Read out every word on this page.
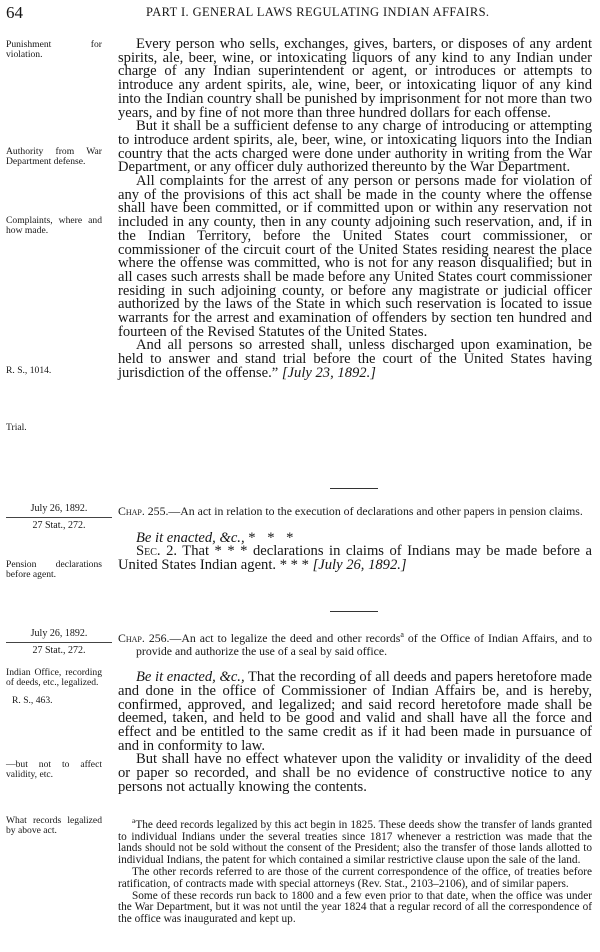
64	PART I. GENERAL LAWS REGULATING INDIAN AFFAIRS.
Punishment for violation.
Authority from War Department defense.
Complaints, where and how made.
R. S., 1014.
Trial.
July 26, 1892.
27 Stat., 272.
Pension declarations before agent.
July 26, 1892.
27 Stat., 272.
Indian Office, recording of deeds, etc., legalized.
R. S., 463.
—but not to affect validity, etc.
What records legalized by above act.

Every person who sells, exchanges, gives, barters, or disposes of any ardent spirits, ale, beer, wine, or intoxicating liquors of any kind to any Indian under charge of any Indian superintendent or agent, or introduces or attempts to introduce any ardent spirits, ale, wine, beer, or intoxicating liquor of any kind into the Indian country shall be punished by imprisonment for not more than two years, and by fine of not more than three hundred dollars for each offense.

But it shall be a sufficient defense to any charge of introducing or attempting to introduce ardent spirits, ale, beer, wine, or intoxicating liquors into the Indian country that the acts charged were done under authority in writing from the War Department, or any officer duly authorized thereunto by the War Department.

All complaints for the arrest of any person or persons made for violation of any of the provisions of this act shall be made in the county where the offense shall have been committed, or if committed upon or within any reservation not included in any county, then in any county adjoining such reservation, and, if in the Indian Territory, before the United States court commissioner, or commissioner of the circuit court of the United States residing nearest the place where the offense was committed, who is not for any reason disqualified; but in all cases such arrests shall be made before any United States court commissioner residing in such adjoining county, or before any magistrate or judicial officer authorized by the laws of the State in which such reservation is located to issue warrants for the arrest and examination of offenders by section ten hundred and fourteen of the Revised Statutes of the United States.

And all persons so arrested shall, unless discharged upon examination, be held to answer and stand trial before the court of the United States having jurisdiction of the offense.” [July 23, 1892.]

Chap. 255.—An act in relation to the execution of declarations and other papers in pension claims.

Be it enacted, &c., * * *

Sec. 2. That * * * declarations in claims of Indians may be made before a United States Indian agent. * * * [July 26, 1892.]

Chap. 256.—An act to legalize the deed and other records$^a$ of the Office of Indian Affairs, and to provide and authorize the use of a seal by said office.

Be it enacted, &c., That the recording of all deeds and papers heretofore made and done in the office of Commissioner of Indian Affairs be, and is hereby, confirmed, approved, and legalized; and said record heretofore made shall be deemed, taken, and held to be good and valid and shall have all the force and effect and be entitled to the same credit as if it had been made in pursuance of and in conformity to law.

But shall have no effect whatever upon the validity or invalidity of the deed or paper so recorded, and shall be no evidence of constructive notice to any persons not actually knowing the contents.

$^a$The deed records legalized by this act begin in 1825. These deeds show the transfer of lands granted to individual Indians under the several treaties since 1817 whenever a restriction was made that the lands should not be sold without the consent of the President; also the transfer of those lands allotted to individual Indians, the patent for which contained a similar restrictive clause upon the sale of the land.

The other records referred to are those of the current correspondence of the office, of treaties before ratification, of contracts made with special attorneys (Rev. Stat., 2103–2106), and of similar papers.

Some of these records run back to 1800 and a few even prior to that date, when the office was under the War Department, but it was not until the year 1824 that a regular record of all the correspondence of the office was inaugurated and kept up.
